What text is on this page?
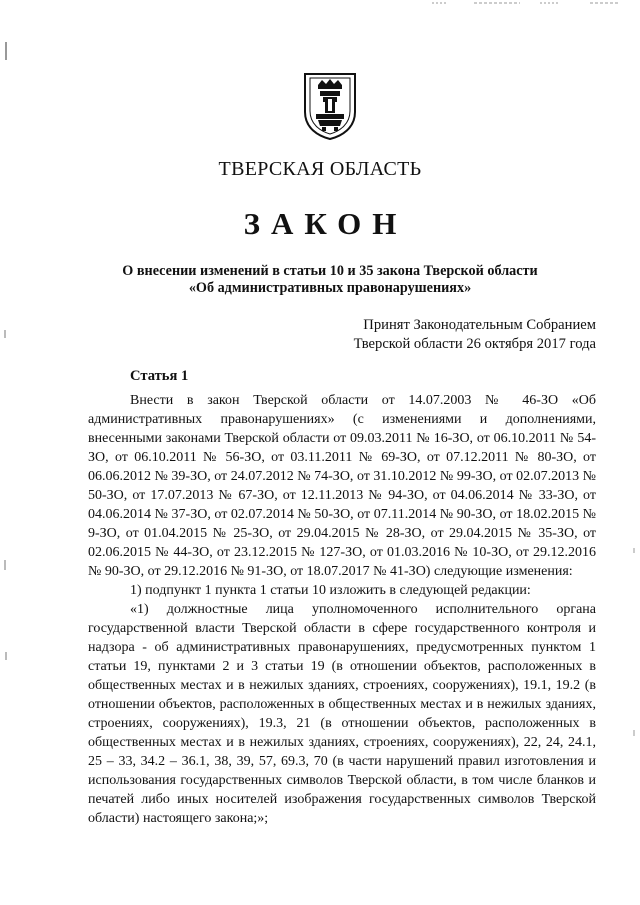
ТВЕРСКАЯ ОБЛАСТЬ
ЗАКОН
О внесении изменений в статьи 10 и 35 закона Тверской области
«Об административных правонарушениях»
Принят Законодательным Собранием
Тверской области 26 октября 2017 года
Статья 1

Внести в закон Тверской области от 14.07.2003 № 46-ЗО «Об административных правонарушениях» (с изменениями и дополнениями, внесенными законами Тверской области от 09.03.2011 № 16-ЗО, от 06.10.2011 № 54-ЗО, от 06.10.2011 № 56-ЗО, от 03.11.2011 № 69-ЗО, от 07.12.2011 № 80-ЗО, от 06.06.2012 № 39-ЗО, от 24.07.2012 № 74-ЗО, от 31.10.2012 № 99-ЗО, от 02.07.2013 № 50-ЗО, от 17.07.2013 № 67-ЗО, от 12.11.2013 № 94-ЗО, от 04.06.2014 № 33-ЗО, от 04.06.2014 № 37-ЗО, от 02.07.2014 № 50-ЗО, от 07.11.2014 № 90-ЗО, от 18.02.2015 № 9-ЗО, от 01.04.2015 № 25-ЗО, от 29.04.2015 № 28-ЗО, от 29.04.2015 № 35-ЗО, от 02.06.2015 № 44-ЗО, от 23.12.2015 № 127-ЗО, от 01.03.2016 № 10-ЗО, от 29.12.2016 № 90-ЗО, от 29.12.2016 № 91-ЗО, от 18.07.2017 № 41-ЗО) следующие изменения:

1) подпункт 1 пункта 1 статьи 10 изложить в следующей редакции:

«1) должностные лица уполномоченного исполнительного органа государственной власти Тверской области в сфере государственного контроля и надзора - об административных правонарушениях, предусмотренных пунктом 1 статьи 19, пунктами 2 и 3 статьи 19 (в отношении объектов, расположенных в общественных местах и в нежилых зданиях, строениях, сооружениях), 19.1, 19.2 (в отношении объектов, расположенных в общественных местах и в нежилых зданиях, строениях, сооружениях), 19.3, 21 (в отношении объектов, расположенных в общественных местах и в нежилых зданиях, строениях, сооружениях), 22, 24, 24.1, 25 – 33, 34.2 – 36.1, 38, 39, 57, 69.3, 70 (в части нарушений правил изготовления и использования государственных символов Тверской области, в том числе бланков и печатей либо иных носителей изображения государственных символов Тверской области) настоящего закона;»;
